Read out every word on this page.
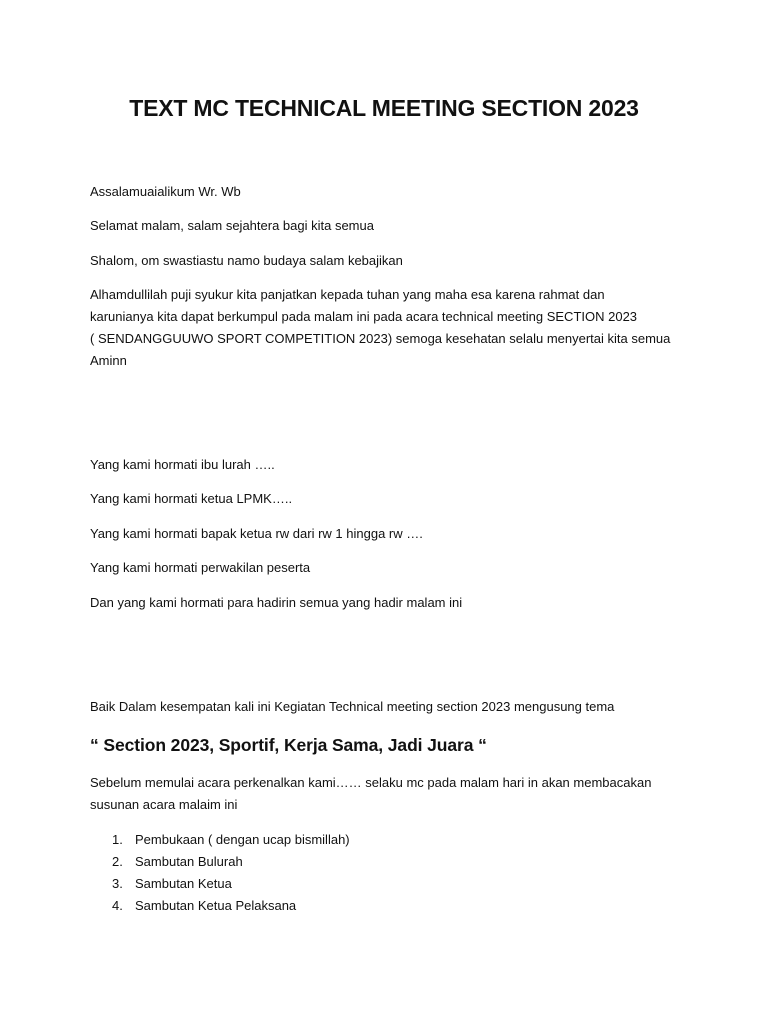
TEXT MC TECHNICAL MEETING SECTION 2023

Assalamuaialikum Wr. Wb

Selamat malam, salam sejahtera bagi kita semua

Shalom, om swastiastu namo budaya salam kebajikan

Alhamdullilah puji syukur kita panjatkan kepada tuhan yang maha esa karena rahmat dan

karunianya kita dapat berkumpul pada malam ini pada acara technical meeting SECTION 2023

( SENDANGGUUWO SPORT COMPETITION 2023) semoga kesehatan selalu menyertai kita semua

Aminn

Yang kami hormati ibu lurah …..

Yang kami hormati ketua LPMK…..

Yang kami hormati bapak ketua rw dari rw 1 hingga rw ….

Yang kami hormati perwakilan peserta

Dan yang kami hormati para hadirin semua yang hadir malam ini

Baik Dalam kesempatan kali ini Kegiatan Technical meeting section 2023 mengusung tema

“ Section 2023, Sportif, Kerja Sama, Jadi Juara “

Sebelum memulai acara perkenalkan kami…… selaku mc pada malam hari in akan membacakan

susunan acara malaim ini

1. Pembukaan ( dengan ucap bismillah)
2. Sambutan Bulurah
3. Sambutan Ketua
4. Sambutan Ketua Pelaksana
